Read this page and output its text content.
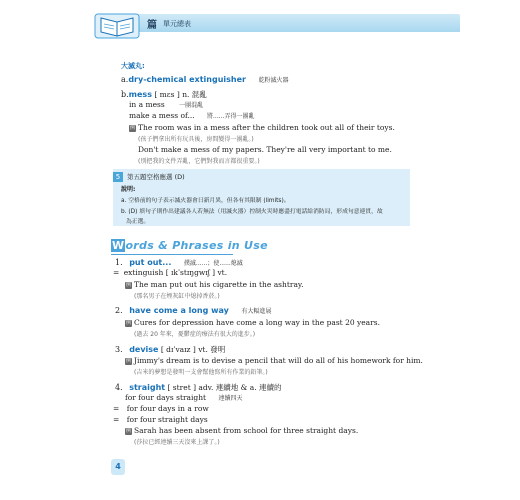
篇 單元總表
大滅丸:
a.dry-chemical extinguisher 乾粉滅火器
b.mess [ mɛs ] n. 混亂
in a mess 一團混亂
make a mess of... 將......弄得一團亂
例 The room was in a mess after the children took out all of their toys.
(孩子們拿出所有玩具後，房間變得一團亂。)
Don't make a mess of my papers. They're all very important to me.
(別把我的文件弄亂，它們對我而言都很重要。)
5	第五題空格應選 (D)
說明:
a. 空格前的句子表示滅火器會日新月異，但各有其限制 (limits)。
b. (D) 填句子則作出建議各人若無法（用滅火器）控制火災時應盡打電話給消防局，形成句意連貫，故
為正選。
Words & Phrases in Use
1. put out... 撲滅......；使......熄滅
= extinguish [ ɪkˈstɪŋgwɪʃ ] vt.
例 The man put out his cigarette in the ashtray.
(那名男子在煙灰缸中熄掉香菸。)
2. have come a long way 有大幅進展
例 Cures for depression have come a long way in the past 20 years.
(過去 20 年來，憂鬱症的療法有很大的進步。)
3. devise [ dɪˈvaɪz ] vt. 發明
例 Jimmy's dream is to devise a pencil that will do all of his homework for him.
(吉米的夢想是發明一支會幫他寫所有作業的鉛筆。)
4. straight [ stret ] adv. 連續地 & a. 連續的
for four days straight 連續四天
= for four days in a row
= for four straight days
例 Sarah has been absent from school for three straight days.
(莎拉已經連續三天沒來上課了。)
4
